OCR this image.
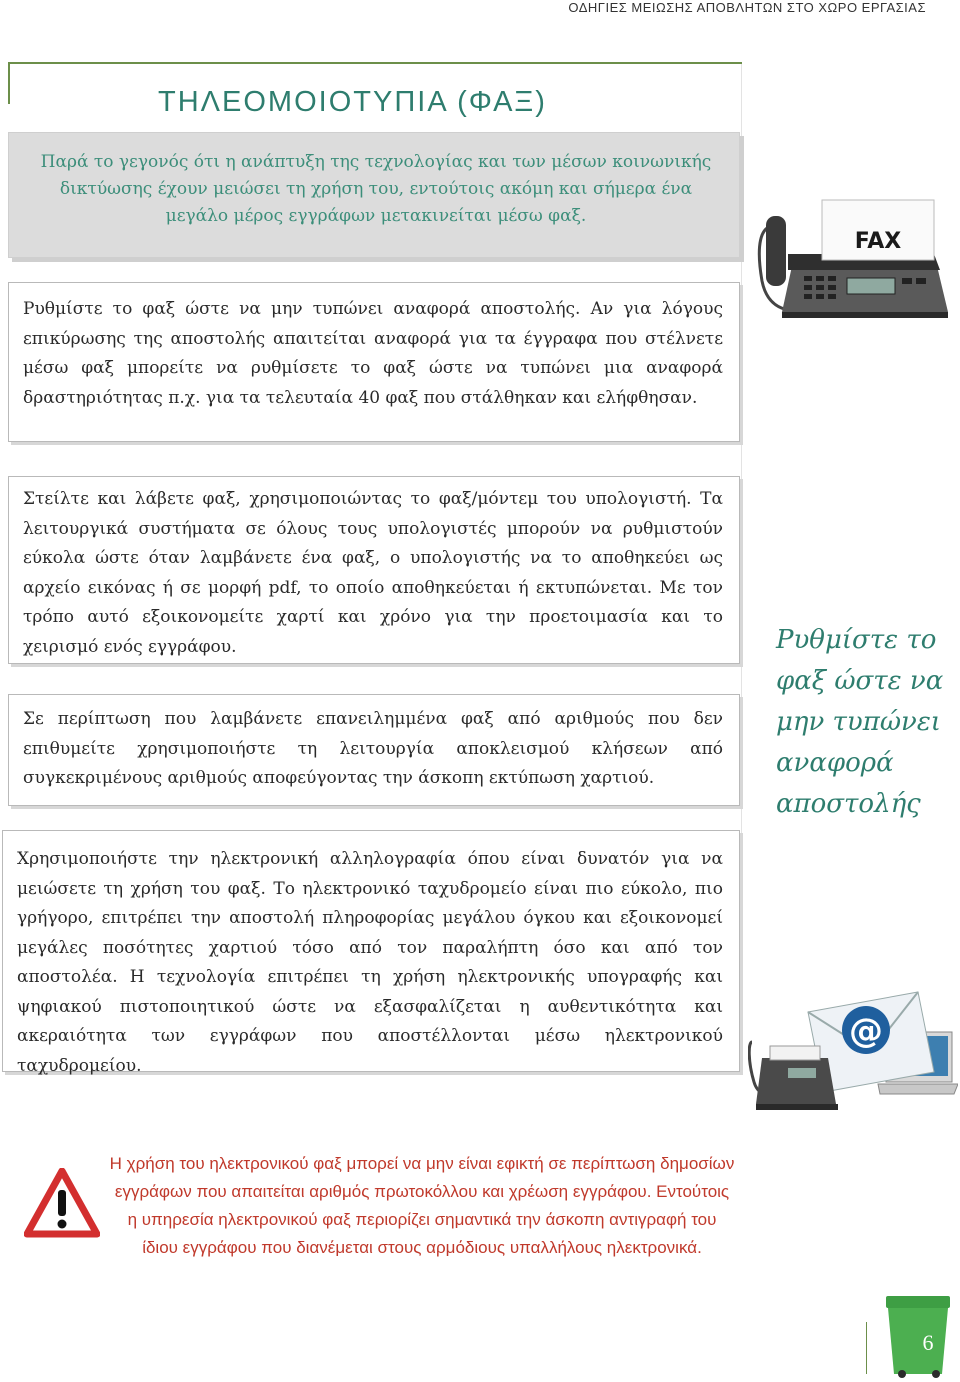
ΟΔΗΓΙΕΣ ΜΕΙΩΣΗΣ ΑΠΟΒΛΗΤΩΝ ΣΤΟ ΧΩΡΟ ΕΡΓΑΣΙΑΣ
ΤΗΛΕΟΜΟΙΟΤΥΠΙΑ (ΦΑΞ)
Παρά το γεγονός ότι η ανάπτυξη της τεχνολογίας και των μέσων κοινωνικής δικτύωσης έχουν μειώσει τη χρήση του, εντούτοις ακόμη και σήμερα ένα μεγάλο μέρος εγγράφων μετακινείται μέσω φαξ.
Ρυθμίστε το φαξ ώστε να μην τυπώνει αναφορά αποστολής. Αν για λόγους επικύρωσης της αποστολής απαιτείται αναφορά για τα έγγραφα που στέλνετε μέσω φαξ μπορείτε να ρυθμίσετε το φαξ ώστε να τυπώνει μια αναφορά δραστηριότητας π.χ. για τα τελευταία 40 φαξ που στάλθηκαν και ελήφθησαν.
Στείλτε και λάβετε φαξ, χρησιμοποιώντας το φαξ/μόντεμ του υπολογιστή. Τα λειτουργικά συστήματα σε όλους τους υπολογιστές μπορούν να ρυθμιστούν εύκολα ώστε όταν λαμβάνετε ένα φαξ, ο υπολογιστής να το αποθηκεύει ως αρχείο εικόνας ή σε μορφή pdf, το οποίο αποθηκεύεται ή εκτυπώνεται. Με τον τρόπο αυτό εξοικονομείτε χαρτί και χρόνο για την προετοιμασία και το χειρισμό ενός εγγράφου.
Σε περίπτωση που λαμβάνετε επανειλημμένα φαξ από αριθμούς που δεν επιθυμείτε χρησιμοποιήστε τη λειτουργία αποκλεισμού κλήσεων από συγκεκριμένους αριθμούς αποφεύγοντας την άσκοπη εκτύπωση χαρτιού.
Χρησιμοποιήστε την ηλεκτρονική αλληλογραφία όπου είναι δυνατόν για να μειώσετε τη χρήση του φαξ. Το ηλεκτρονικό ταχυδρομείο είναι πιο εύκολο, πιο γρήγορο, επιτρέπει την αποστολή πληροφορίας μεγάλου όγκου και εξοικονομεί μεγάλες ποσότητες χαρτιού τόσο από τον παραλήπτη όσο και από τον αποστολέα. Η τεχνολογία επιτρέπει τη χρήση ηλεκτρονικής υπογραφής και ψηφιακού πιστοποιητικού ώστε να εξασφαλίζεται η αυθεντικότητα και ακεραιότητα των εγγράφων που αποστέλλονται μέσω ηλεκτρονικού ταχυδρομείου.
Ρυθμίστε το φαξ ώστε να μην τυπώνει αναφορά αποστολής
FAX
@
6
Η χρήση του ηλεκτρονικού φαξ μπορεί να μην είναι εφικτή σε περίπτωση δημοσίων εγγράφων που απαιτείται αριθμός πρωτοκόλλου και χρέωση εγγράφου. Εντούτοις η υπηρεσία ηλεκτρονικού φαξ περιορίζει σημαντικά την άσκοπη αντιγραφή του ίδιου εγγράφου που διανέμεται στους αρμόδιους υπαλλήλους ηλεκτρονικά.
